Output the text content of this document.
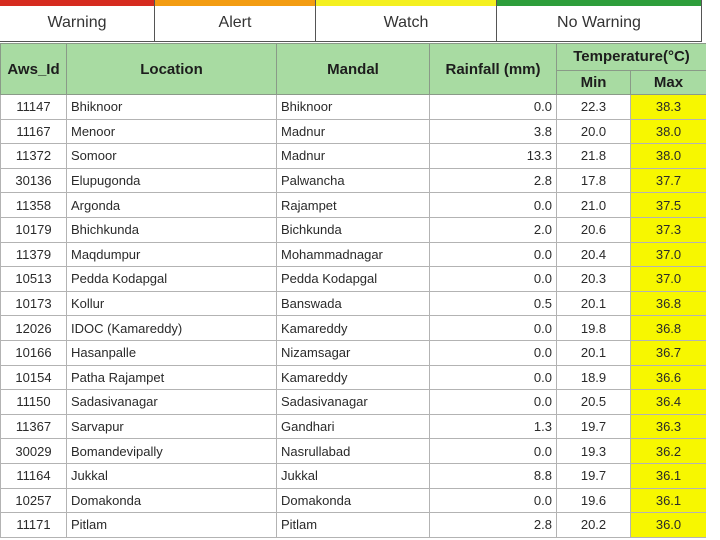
Warning	Alert	Watch	No Warning
Aws_Id	Location	Mandal	Rainfall (mm)	Temperature(°C)	
				Min	Max
11147	Bhiknoor	Bhiknoor	0.0	22.3	38.3
11167	Menoor	Madnur	3.8	20.0	38.0
11372	Somoor	Madnur	13.3	21.8	38.0
30136	Elupugonda	Palwancha	2.8	17.8	37.7
11358	Argonda	Rajampet	0.0	21.0	37.5
10179	Bhichkunda	Bichkunda	2.0	20.6	37.3
11379	Maqdumpur	Mohammadnagar	0.0	20.4	37.0
10513	Pedda Kodapgal	Pedda Kodapgal	0.0	20.3	37.0
10173	Kollur	Banswada	0.5	20.1	36.8
12026	IDOC (Kamareddy)	Kamareddy	0.0	19.8	36.8
10166	Hasanpalle	Nizamsagar	0.0	20.1	36.7
10154	Patha Rajampet	Kamareddy	0.0	18.9	36.6
11150	Sadasivanagar	Sadasivanagar	0.0	20.5	36.4
11367	Sarvapur	Gandhari	1.3	19.7	36.3
30029	Bomandevipally	Nasrullabad	0.0	19.3	36.2
11164	Jukkal	Jukkal	8.8	19.7	36.1
10257	Domakonda	Domakonda	0.0	19.6	36.1
11171	Pitlam	Pitlam	2.8	20.2	36.0
